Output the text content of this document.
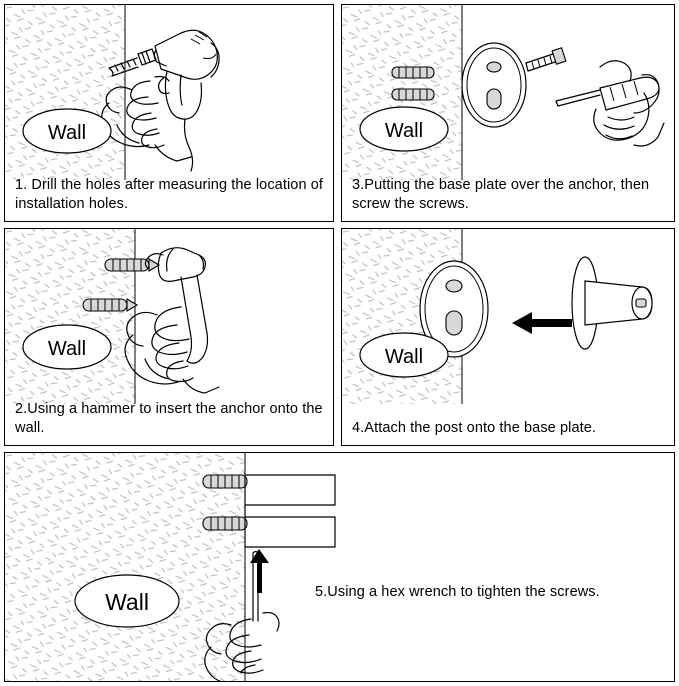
Wall
1. Drill the holes after measuring the location of installation holes.
Wall
3.Putting the base plate over the anchor, then screw the screws.
Wall
2.Using a hammer to insert the anchor onto the wall.
Wall
4.Attach the post onto the base plate.
Wall	5.Using a hex wrench to tighten the screws.
